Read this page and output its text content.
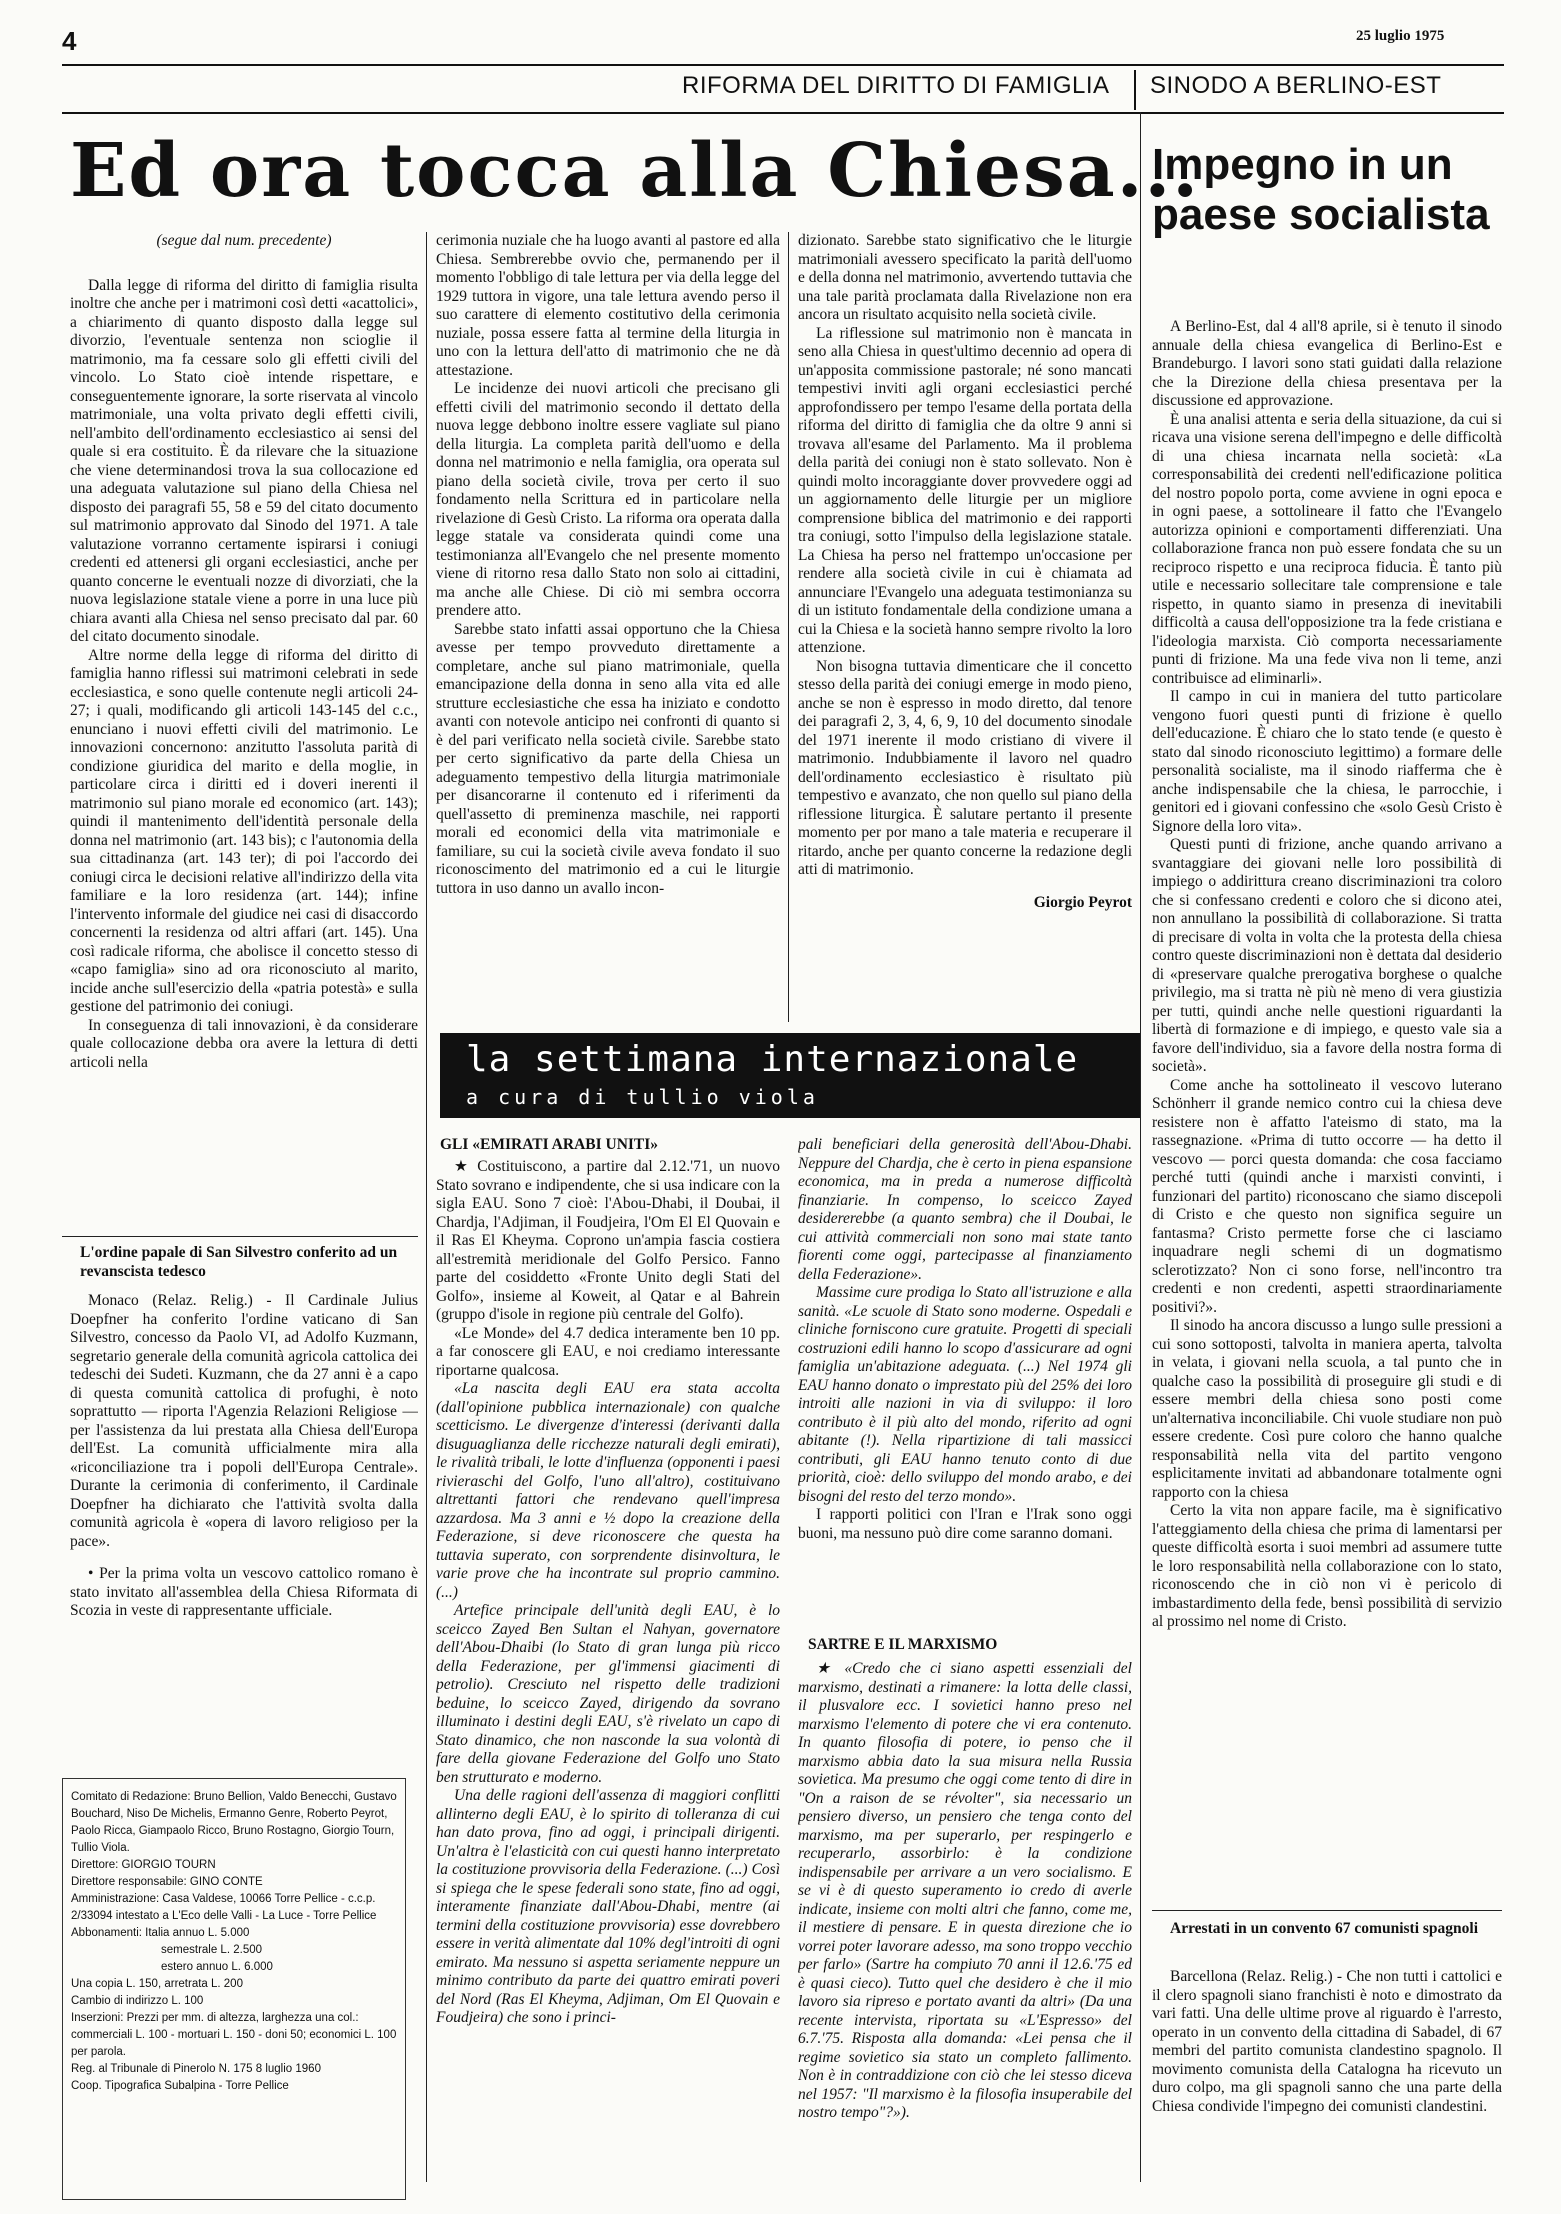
4	25 luglio 1975
RIFORMA DEL DIRITTO DI FAMIGLIA SINODO A BERLINO-EST
Ed ora tocca alla Chiesa...
Impegno in un paese socialista

(segue dal num. precedente)

Dalla legge di riforma del diritto di famiglia risulta inoltre che anche per i matrimoni così detti «acattolici», a chiarimento di quanto disposto dalla legge sul divorzio, l'eventuale sentenza non scioglie il matrimonio, ma fa cessare solo gli effetti civili del vincolo. Lo Stato cioè intende rispettare, e conseguentemente ignorare, la sorte riservata al vincolo matrimoniale, una volta privato degli effetti civili, nell'ambito dell'ordinamento ecclesiastico ai sensi del quale si era costituito. È da rilevare che la situazione che viene determinandosi trova la sua collocazione ed una adeguata valutazione sul piano della Chiesa nel disposto dei paragrafi 55, 58 e 59 del citato documento sul matrimonio approvato dal Sinodo del 1971. A tale valutazione vorranno certamente ispirarsi i coniugi credenti ed attenersi gli organi ecclesiastici, anche per quanto concerne le eventuali nozze di divorziati, che la nuova legislazione statale viene a porre in una luce più chiara avanti alla Chiesa nel senso precisato dal par. 60 del citato documento sinodale.

Altre norme della legge di riforma del diritto di famiglia hanno riflessi sui matrimoni celebrati in sede ecclesiastica, e sono quelle contenute negli articoli 24-27; i quali, modificando gli articoli 143-145 del c.c., enunciano i nuovi effetti civili del matrimonio. Le innovazioni concernono: anzitutto l'assoluta parità di condizione giuridica del marito e della moglie, in particolare circa i diritti ed i doveri inerenti il matrimonio sul piano morale ed economico (art. 143); quindi il mantenimento dell'identità personale della donna nel matrimonio (art. 143 bis); c l'autonomia della sua cittadinanza (art. 143 ter); di poi l'accordo dei coniugi circa le decisioni relative all'indirizzo della vita familiare e la loro residenza (art. 144); infine l'intervento informale del giudice nei casi di disaccordo concernenti la residenza od altri affari (art. 145). Una così radicale riforma, che abolisce il concetto stesso di «capo famiglia» sino ad ora riconosciuto al marito, incide anche sull'esercizio della «patria potestà» e sulla gestione del patrimonio dei coniugi.

In conseguenza di tali innovazioni, è da considerare quale collocazione debba ora avere la lettura di detti articoli nella

cerimonia nuziale che ha luogo avanti al pastore ed alla Chiesa. Sembrerebbe ovvio che, permanendo per il momento l'obbligo di tale lettura per via della legge del 1929 tuttora in vigore, una tale lettura avendo perso il suo carattere di elemento costitutivo della cerimonia nuziale, possa essere fatta al termine della liturgia in uno con la lettura dell'atto di matrimonio che ne dà attestazione.

Le incidenze dei nuovi articoli che precisano gli effetti civili del matrimonio secondo il dettato della nuova legge debbono inoltre essere vagliate sul piano della liturgia. La completa parità dell'uomo e della donna nel matrimonio e nella famiglia, ora operata sul piano della società civile, trova per certo il suo fondamento nella Scrittura ed in particolare nella rivelazione di Gesù Cristo. La riforma ora operata dalla legge statale va considerata quindi come una testimonianza all'Evangelo che nel presente momento viene di ritorno resa dallo Stato non solo ai cittadini, ma anche alle Chiese. Di ciò mi sembra occorra prendere atto.

Sarebbe stato infatti assai opportuno che la Chiesa avesse per tempo provveduto direttamente a completare, anche sul piano matrimoniale, quella emancipazione della donna in seno alla vita ed alle strutture ecclesiastiche che essa ha iniziato e condotto avanti con notevole anticipo nei confronti di quanto si è del pari verificato nella società civile. Sarebbe stato per certo significativo da parte della Chiesa un adeguamento tempestivo della liturgia matrimoniale per disancorarne il contenuto ed i riferimenti da quell'assetto di preminenza maschile, nei rapporti morali ed economici della vita matrimoniale e familiare, su cui la società civile aveva fondato il suo riconoscimento del matrimonio ed a cui le liturgie tuttora in uso danno un avallo incon-

dizionato. Sarebbe stato significativo che le liturgie matrimoniali avessero specificato la parità dell'uomo e della donna nel matrimonio, avvertendo tuttavia che una tale parità proclamata dalla Rivelazione non era ancora un risultato acquisito nella società civile.

La riflessione sul matrimonio non è mancata in seno alla Chiesa in quest'ultimo decennio ad opera di un'apposita commissione pastorale; né sono mancati tempestivi inviti agli organi ecclesiastici perché approfondissero per tempo l'esame della portata della riforma del diritto di famiglia che da oltre 9 anni si trovava all'esame del Parlamento. Ma il problema della parità dei coniugi non è stato sollevato. Non è quindi molto incoraggiante dover provvedere oggi ad un aggiornamento delle liturgie per un migliore comprensione biblica del matrimonio e dei rapporti tra coniugi, sotto l'impulso della legislazione statale. La Chiesa ha perso nel frattempo un'occasione per rendere alla società civile in cui è chiamata ad annunciare l'Evangelo una adeguata testimonianza su di un istituto fondamentale della condizione umana a cui la Chiesa e la società hanno sempre rivolto la loro attenzione.

Non bisogna tuttavia dimenticare che il concetto stesso della parità dei coniugi emerge in modo pieno, anche se non è espresso in modo diretto, dal tenore dei paragrafi 2, 3, 4, 6, 9, 10 del documento sinodale del 1971 inerente il modo cristiano di vivere il matrimonio. Indubbiamente il lavoro nel quadro dell'ordinamento ecclesiastico è risultato più tempestivo e avanzato, che non quello sul piano della riflessione liturgica. È salutare pertanto il presente momento per por mano a tale materia e recuperare il ritardo, anche per quanto concerne la redazione degli atti di matrimonio.

Giorgio Peyrot

A Berlino-Est, dal 4 all'8 aprile, si è tenuto il sinodo annuale della chiesa evangelica di Berlino-Est e Brandeburgo. I lavori sono stati guidati dalla relazione che la Direzione della chiesa presentava per la discussione ed approvazione.

È una analisi attenta e seria della situazione, da cui si ricava una visione serena dell'impegno e delle difficoltà di una chiesa incarnata nella società: «La corresponsabilità dei credenti nell'edificazione politica del nostro popolo porta, come avviene in ogni epoca e in ogni paese, a sottolineare il fatto che l'Evangelo autorizza opinioni e comportamenti differenziati. Una collaborazione franca non può essere fondata che su un reciproco rispetto e una reciproca fiducia. È tanto più utile e necessario sollecitare tale comprensione e tale rispetto, in quanto siamo in presenza di inevitabili difficoltà a causa dell'opposizione tra la fede cristiana e l'ideologia marxista. Ciò comporta necessariamente punti di frizione. Ma una fede viva non li teme, anzi contribuisce ad eliminarli».

Il campo in cui in maniera del tutto particolare vengono fuori questi punti di frizione è quello dell'educazione. È chiaro che lo stato tende (e questo è stato dal sinodo riconosciuto legittimo) a formare delle personalità socialiste, ma il sinodo riafferma che è anche indispensabile che la chiesa, le parrocchie, i genitori ed i giovani confessino che «solo Gesù Cristo è Signore della loro vita».

Questi punti di frizione, anche quando arrivano a svantaggiare dei giovani nelle loro possibilità di impiego o addirittura creano discriminazioni tra coloro che si confessano credenti e coloro che si dicono atei, non annullano la possibilità di collaborazione. Si tratta di precisare di volta in volta che la protesta della chiesa contro queste discriminazioni non è dettata dal desiderio di «preservare qualche prerogativa borghese o qualche privilegio, ma si tratta nè più nè meno di vera giustizia per tutti, quindi anche nelle questioni riguardanti la libertà di formazione e di impiego, e questo vale sia a favore dell'individuo, sia a favore della nostra forma di società».

Come anche ha sottolineato il vescovo luterano Schönherr il grande nemico contro cui la chiesa deve resistere non è affatto l'ateismo di stato, ma la rassegnazione. «Prima di tutto occorre — ha detto il vescovo — porci questa domanda: che cosa facciamo perché tutti (quindi anche i marxisti convinti, i funzionari del partito) riconoscano che siamo discepoli di Cristo e che questo non significa seguire un fantasma? Cristo permette forse che ci lasciamo inquadrare negli schemi di un dogmatismo sclerotizzato? Non ci sono forse, nell'incontro tra credenti e non credenti, aspetti straordinariamente positivi?».

Il sinodo ha ancora discusso a lungo sulle pressioni a cui sono sottoposti, talvolta in maniera aperta, talvolta in velata, i giovani nella scuola, a tal punto che in qualche caso la possibilità di proseguire gli studi e di essere membri della chiesa sono posti come un'alternativa inconciliabile. Chi vuole studiare non può essere credente. Così pure coloro che hanno qualche responsabilità nella vita del partito vengono esplicitamente invitati ad abbandonare totalmente ogni rapporto con la chiesa

Certo la vita non appare facile, ma è significativo l'atteggiamento della chiesa che prima di lamentarsi per queste difficoltà esorta i suoi membri ad assumere tutte le loro responsabilità nella collaborazione con lo stato, riconoscendo che in ciò non vi è pericolo di imbastardimento della fede, bensì possibilità di servizio al prossimo nel nome di Cristo.

Arrestati in un convento 67 comunisti spagnoli

Barcellona (Relaz. Relig.) - Che non tutti i cattolici e il clero spagnoli siano franchisti è noto e dimostrato da vari fatti. Una delle ultime prove al riguardo è l'arresto, operato in un convento della cittadina di Sabadel, di 67 membri del partito comunista clandestino spagnolo. Il movimento comunista della Catalogna ha ricevuto un duro colpo, ma gli spagnoli sanno che una parte della Chiesa condivide l'impegno dei comunisti clandestini.

L'ordine papale di San Silvestro conferito ad un revanscista tedesco

Monaco (Relaz. Relig.) - Il Cardinale Julius Doepfner ha conferito l'ordine vaticano di San Silvestro, concesso da Paolo VI, ad Adolfo Kuzmann, segretario generale della comunità agricola cattolica dei tedeschi dei Sudeti. Kuzmann, che da 27 anni è a capo di questa comunità cattolica di profughi, è noto soprattutto — riporta l'Agenzia Relazioni Religiose — per l'assistenza da lui prestata alla Chiesa dell'Europa dell'Est. La comunità ufficialmente mira alla «riconciliazione tra i popoli dell'Europa Centrale». Durante la cerimonia di conferimento, il Cardinale Doepfner ha dichiarato che l'attività svolta dalla comunità agricola è «opera di lavoro religioso per la pace».

• Per la prima volta un vescovo cattolico romano è stato invitato all'assemblea della Chiesa Riformata di Scozia in veste di rappresentante ufficiale.

Comitato di Redazione: Bruno Bellion, Valdo Benecchi, Gustavo Bouchard, Niso De Michelis, Ermanno Genre, Roberto Peyrot, Paolo Ricca, Giampaolo Ricco, Bruno Rostagno, Giorgio Tourn, Tullio Viola.

Direttore: GIORGIO TOURN

Direttore responsabile: GINO CONTE

Amministrazione: Casa Valdese, 10066 Torre Pellice - c.c.p. 2/33094 intestato a L'Eco delle Valli - La Luce - Torre Pellice

Abbonamenti: Italia annuo L. 5.000

semestrale L. 2.500

estero annuo L. 6.000

Una copia L. 150, arretrata L. 200

Cambio di indirizzo L. 100

Inserzioni: Prezzi per mm. di altezza, larghezza una col.: commerciali L. 100 - mortuari L. 150 - doni 50; economici L. 100 per parola.

Reg. al Tribunale di Pinerolo N. 175 8 luglio 1960

Coop. Tipografica Subalpina - Torre Pellice

la settimana internazionale
a cura di tullio viola
GLI «EMIRATI ARABI UNITI»

★ Costituiscono, a partire dal 2.12.'71, un nuovo Stato sovrano e indipendente, che si usa indicare con la sigla EAU. Sono 7 cioè: l'Abou-Dhabi, il Doubai, il Chardja, l'Adjiman, il Foudjeira, l'Om El El Quovain e il Ras El Kheyma. Coprono un'ampia fascia costiera all'estremità meridionale del Golfo Persico. Fanno parte del cosiddetto «Fronte Unito degli Stati del Golfo», insieme al Koweit, al Qatar e al Bahrein (gruppo d'isole in regione più centrale del Golfo).

«Le Monde» del 4.7 dedica interamente ben 10 pp. a far conoscere gli EAU, e noi crediamo interessante riportarne qualcosa.

«La nascita degli EAU era stata accolta (dall'opinione pubblica internazionale) con qualche scetticismo. Le divergenze d'interessi (derivanti dalla disuguaglianza delle ricchezze naturali degli emirati), le rivalità tribali, le lotte d'influenza (opponenti i paesi rivieraschi del Golfo, l'uno all'altro), costituivano altrettanti fattori che rendevano quell'impresa azzardosa. Ma 3 anni e ½ dopo la creazione della Federazione, si deve riconoscere che questa ha tuttavia superato, con sorprendente disinvoltura, le varie prove che ha incontrate sul proprio cammino. (...)

Artefice principale dell'unità degli EAU, è lo sceicco Zayed Ben Sultan el Nahyan, governatore dell'Abou-Dhaibi (lo Stato di gran lunga più ricco della Federazione, per gl'immensi giacimenti di petrolio). Cresciuto nel rispetto delle tradizioni beduine, lo sceicco Zayed, dirigendo da sovrano illuminato i destini degli EAU, s'è rivelato un capo di Stato dinamico, che non nasconde la sua volontà di fare della giovane Federazione del Golfo uno Stato ben strutturato e moderno.

Una delle ragioni dell'assenza di maggiori conflitti allinterno degli EAU, è lo spirito di tolleranza di cui han dato prova, fino ad oggi, i principali dirigenti. Un'altra è l'elasticità con cui questi hanno interpretato la costituzione provvisoria della Federazione. (...) Così si spiega che le spese federali sono state, fino ad oggi, interamente finanziate dall'Abou-Dhabi, mentre (ai termini della costituzione provvisoria) esse dovrebbero essere in verità alimentate dal 10% degl'introiti di ogni emirato. Ma nessuno si aspetta seriamente neppure un minimo contributo da parte dei quattro emirati poveri del Nord (Ras El Kheyma, Adjiman, Om El Quovain e Foudjeira) che sono i princi-

pali beneficiari della generosità dell'Abou-Dhabi. Neppure del Chardja, che è certo in piena espansione economica, ma in preda a numerose difficoltà finanziarie. In compenso, lo sceicco Zayed desidererebbe (a quanto sembra) che il Doubai, le cui attività commerciali non sono mai state tanto fiorenti come oggi, partecipasse al finanziamento della Federazione».

Massime cure prodiga lo Stato all'istruzione e alla sanità. «Le scuole di Stato sono moderne. Ospedali e cliniche forniscono cure gratuite. Progetti di speciali costruzioni edili hanno lo scopo d'assicurare ad ogni famiglia un'abitazione adeguata. (...) Nel 1974 gli EAU hanno donato o imprestato più del 25% dei loro introiti alle nazioni in via di sviluppo: il loro contributo è il più alto del mondo, riferito ad ogni abitante (!). Nella ripartizione di tali massicci contributi, gli EAU hanno tenuto conto di due priorità, cioè: dello sviluppo del mondo arabo, e dei bisogni del resto del terzo mondo».

I rapporti politici con l'Iran e l'Irak sono oggi buoni, ma nessuno può dire come saranno domani.

SARTRE E IL MARXISMO

★ «Credo che ci siano aspetti essenziali del marxismo, destinati a rimanere: la lotta delle classi, il plusvalore ecc. I sovietici hanno preso nel marxismo l'elemento di potere che vi era contenuto. In quanto filosofia di potere, io penso che il marxismo abbia dato la sua misura nella Russia sovietica. Ma presumo che oggi come tento di dire in "On a raison de se révolter", sia necessario un pensiero diverso, un pensiero che tenga conto del marxismo, ma per superarlo, per respingerlo e recuperarlo, assorbirlo: è la condizione indispensabile per arrivare a un vero socialismo. E se vi è di questo superamento io credo di averle indicate, insieme con molti altri che fanno, come me, il mestiere di pensare. E in questa direzione che io vorrei poter lavorare adesso, ma sono troppo vecchio per farlo» (Sartre ha compiuto 70 anni il 12.6.'75 ed è quasi cieco). Tutto quel che desidero è che il mio lavoro sia ripreso e portato avanti da altri» (Da una recente intervista, riportata su «L'Espresso» del 6.7.'75. Risposta alla domanda: «Lei pensa che il regime sovietico sia stato un completo fallimento. Non è in contraddizione con ciò che lei stesso diceva nel 1957: "Il marxismo è la filosofia insuperabile del nostro tempo"?»).
